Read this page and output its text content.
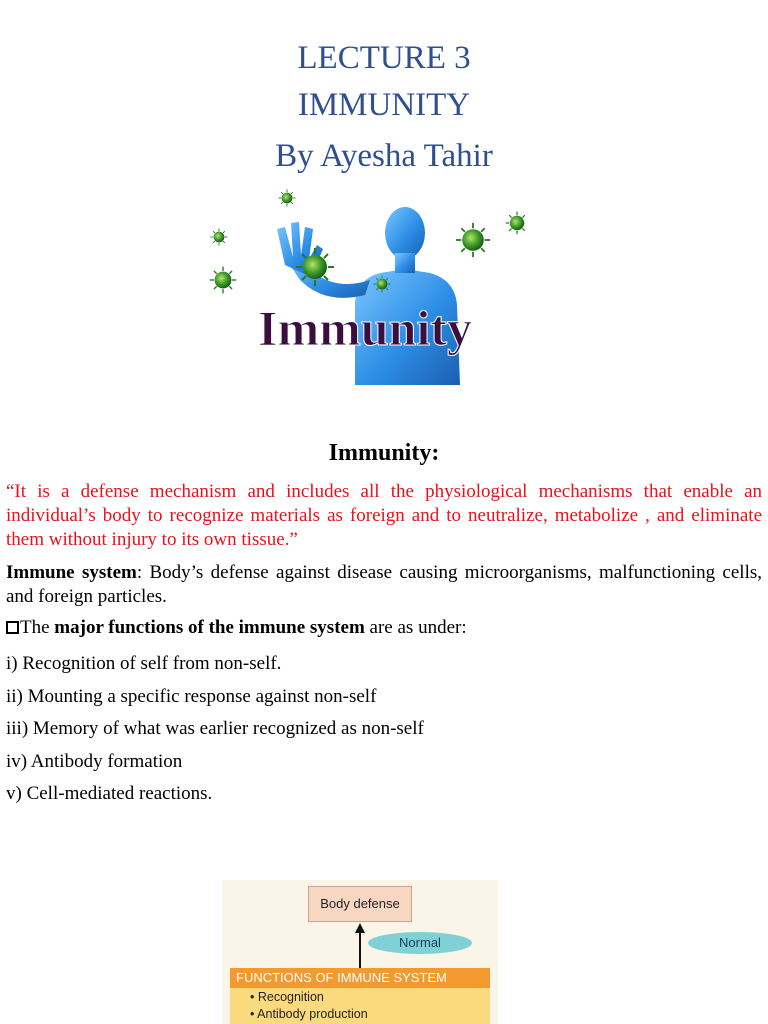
LECTURE 3
IMMUNITY
By Ayesha Tahir
Immunity
Immunity:
“It is a defense mechanism and includes all the physiological mechanisms that enable an individual’s body to recognize materials as foreign and to neutralize, metabolize , and eliminate them without injury to its own tissue.”
Immune system: Body’s defense against disease causing microorganisms, malfunctioning cells, and foreign particles.
The major functions of the immune system are as under:
i) Recognition of self from non-self.
ii) Mounting a specific response against non-self
iii) Memory of what was earlier recognized as non-self
iv) Antibody formation
v) Cell-mediated reactions.
Body defense
Normal
FUNCTIONS OF IMMUNE SYSTEM
• Recognition
• Antibody production
